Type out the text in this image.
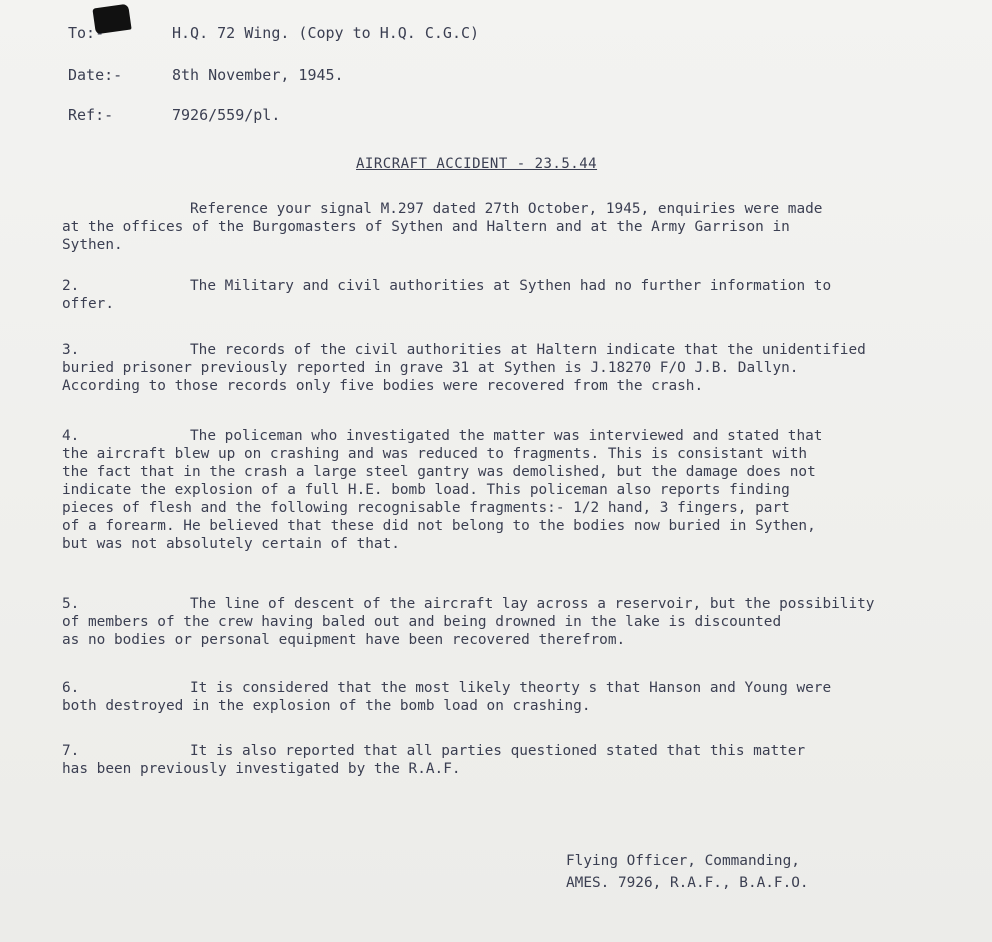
To:-	H.Q. 72 Wing. (Copy to H.Q. C.G.C)
Date:-	8th November, 1945.
Ref:-	7926/559/pl.
AIRCRAFT ACCIDENT - 23.5.44
Reference your signal M.297 dated 27th October, 1945, enquiries were made
at the offices of the Burgomasters of Sythen and Haltern and at the Army Garrison in
Sythen.
2.	The Military and civil authorities at Sythen had no further information to
offer.
3.	The records of the civil authorities at Haltern indicate that the unidentified
buried prisoner previously reported in grave 31 at Sythen is J.18270 F/O J.B. Dallyn.
According to those records only five bodies were recovered from the crash.
4.	The policeman who investigated the matter was interviewed and stated that
the aircraft blew up on crashing and was reduced to fragments. This is consistant with
the fact that in the crash a large steel gantry was demolished, but the damage does not
indicate the explosion of a full H.E. bomb load. This policeman also reports finding
pieces of flesh and the following recognisable fragments:- 1/2 hand, 3 fingers, part
of a forearm. He believed that these did not belong to the bodies now buried in Sythen,
but was not absolutely certain of that.
5.	The line of descent of the aircraft lay across a reservoir, but the possibility
of members of the crew having baled out and being drowned in the lake is discounted
as no bodies or personal equipment have been recovered therefrom.
6.	It is considered that the most likely theorty s that Hanson and Young were
both destroyed in the explosion of the bomb load on crashing.
7.	It is also reported that all parties questioned stated that this matter
has been previously investigated by the R.A.F.
Flying Officer, Commanding,
AMES. 7926, R.A.F., B.A.F.O.
